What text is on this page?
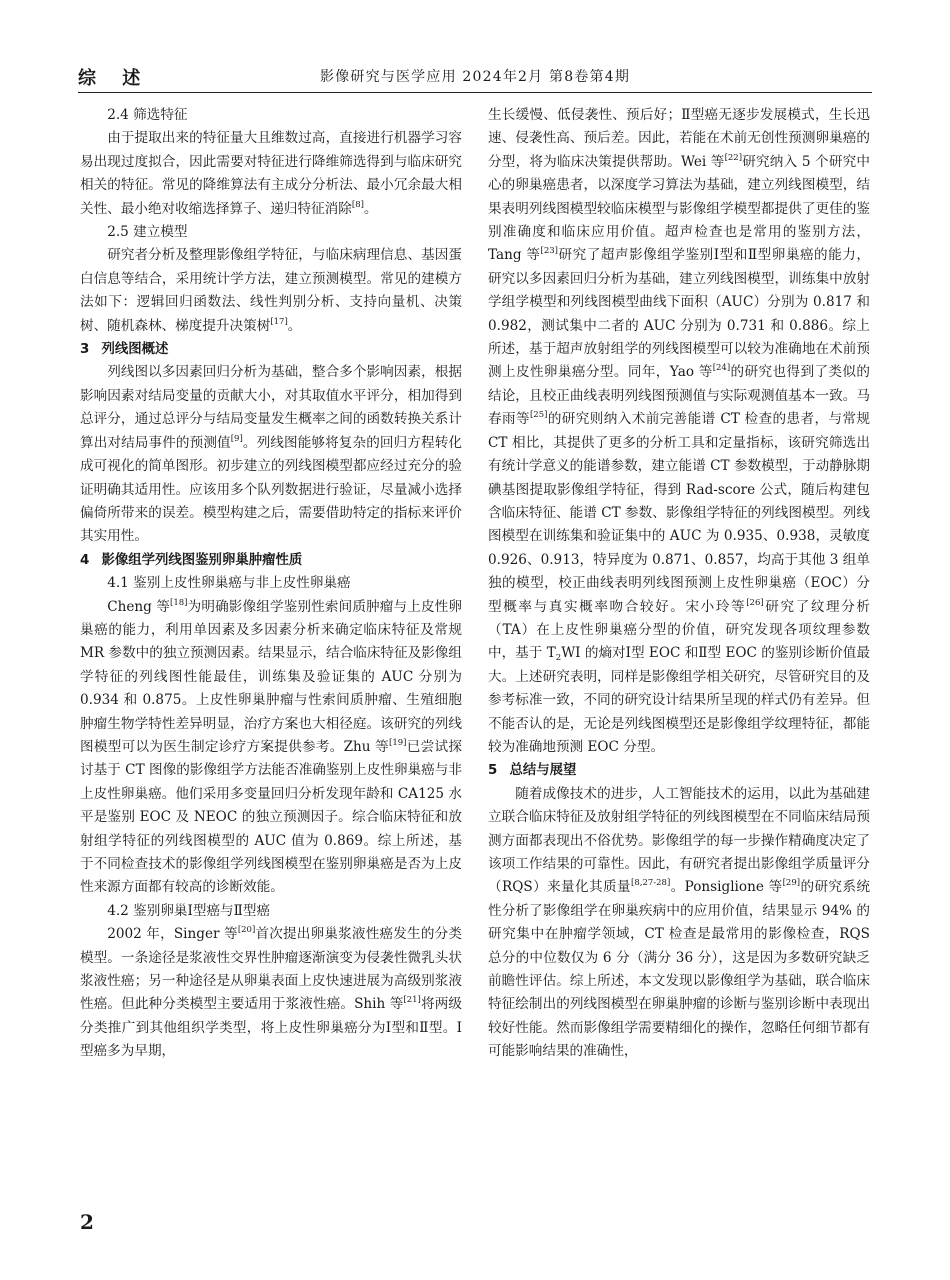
综 述	影像研究与医学应用 2024年2月 第8卷第4期
2.4 筛选特征

由于提取出来的特征量大且维数过高，直接进行机器学习容易出现过度拟合，因此需要对特征进行降维筛选得到与临床研究相关的特征。常见的降维算法有主成分分析法、最小冗余最大相关性、最小绝对收缩选择算子、递归特征消除[8]。

2.5 建立模型

研究者分析及整理影像组学特征，与临床病理信息、基因蛋白信息等结合，采用统计学方法，建立预测模型。常见的建模方法如下：逻辑回归函数法、线性判别分析、支持向量机、决策树、随机森林、梯度提升决策树[17]。

3 列线图概述

列线图以多因素回归分析为基础，整合多个影响因素，根据影响因素对结局变量的贡献大小，对其取值水平评分，相加得到总评分，通过总评分与结局变量发生概率之间的函数转换关系计算出对结局事件的预测值[9]。列线图能够将复杂的回归方程转化成可视化的简单图形。初步建立的列线图模型都应经过充分的验证明确其适用性。应该用多个队列数据进行验证，尽量减小选择偏倚所带来的误差。模型构建之后，需要借助特定的指标来评价其实用性。

4 影像组学列线图鉴别卵巢肿瘤性质
4.1 鉴别上皮性卵巢癌与非上皮性卵巢癌

Cheng 等[18]为明确影像组学鉴别性索间质肿瘤与上皮性卵巢癌的能力，利用单因素及多因素分析来确定临床特征及常规 MR 参数中的独立预测因素。结果显示，结合临床特征及影像组学特征的列线图性能最佳，训练集及验证集的 AUC 分别为 0.934 和 0.875。上皮性卵巢肿瘤与性索间质肿瘤、生殖细胞肿瘤生物学特性差异明显，治疗方案也大相径庭。该研究的列线图模型可以为医生制定诊疗方案提供参考。Zhu 等[19]已尝试探讨基于 CT 图像的影像组学方法能否准确鉴别上皮性卵巢癌与非上皮性卵巢癌。他们采用多变量回归分析发现年龄和 CA125 水平是鉴别 EOC 及 NEOC 的独立预测因子。综合临床特征和放射组学特征的列线图模型的 AUC 值为 0.869。综上所述，基于不同检查技术的影像组学列线图模型在鉴别卵巢癌是否为上皮性来源方面都有较高的诊断效能。

4.2 鉴别卵巢Ⅰ型癌与Ⅱ型癌

2002 年，Singer 等[20]首次提出卵巢浆液性癌发生的分类模型。一条途径是浆液性交界性肿瘤逐渐演变为侵袭性微乳头状浆液性癌；另一种途径是从卵巢表面上皮快速进展为高级别浆液性癌。但此种分类模型主要适用于浆液性癌。Shih 等[21]将两级分类推广到其他组织学类型，将上皮性卵巢癌分为Ⅰ型和Ⅱ型。Ⅰ型癌多为早期，

生长缓慢、低侵袭性、预后好；Ⅱ型癌无逐步发展模式，生长迅速、侵袭性高、预后差。因此，若能在术前无创性预测卵巢癌的分型，将为临床决策提供帮助。Wei 等[22]研究纳入 5 个研究中心的卵巢癌患者，以深度学习算法为基础，建立列线图模型，结果表明列线图模型较临床模型与影像组学模型都提供了更佳的鉴别准确度和临床应用价值。超声检查也是常用的鉴别方法，Tang 等[23]研究了超声影像组学鉴别Ⅰ型和Ⅱ型卵巢癌的能力，研究以多因素回归分析为基础，建立列线图模型，训练集中放射学组学模型和列线图模型曲线下面积（AUC）分别为 0.817 和 0.982，测试集中二者的 AUC 分别为 0.731 和 0.886。综上所述，基于超声放射组学的列线图模型可以较为准确地在术前预测上皮性卵巢癌分型。同年，Yao 等[24]的研究也得到了类似的结论，且校正曲线表明列线图预测值与实际观测值基本一致。马春雨等[25]的研究则纳入术前完善能谱 CT 检查的患者，与常规 CT 相比，其提供了更多的分析工具和定量指标，该研究筛选出有统计学意义的能谱参数，建立能谱 CT 参数模型，于动静脉期碘基图提取影像组学特征，得到 Rad-score 公式，随后构建包含临床特征、能谱 CT 参数、影像组学特征的列线图模型。列线图模型在训练集和验证集中的 AUC 为 0.935、0.938，灵敏度 0.926、0.913，特异度为 0.871、0.857，均高于其他 3 组单独的模型，校正曲线表明列线图预测上皮性卵巢癌（EOC）分型概率与真实概率吻合较好。宋小玲等[26]研究了纹理分析（TA）在上皮性卵巢癌分型的价值，研究发现各项纹理参数中，基于 $T_2WI$ 的熵对Ⅰ型 EOC 和Ⅱ型 EOC 的鉴别诊断价值最大。上述研究表明，同样是影像组学相关研究，尽管研究目的及参考标准一致，不同的研究设计结果所呈现的样式仍有差异。但不能否认的是，无论是列线图模型还是影像组学纹理特征，都能较为准确地预测 EOC 分型。

5 总结与展望

随着成像技术的进步，人工智能技术的运用，以此为基础建立联合临床特征及放射组学特征的列线图模型在不同临床结局预测方面都表现出不俗优势。影像组学的每一步操作精确度决定了该项工作结果的可靠性。因此，有研究者提出影像组学质量评分（RQS）来量化其质量[8,27-28]。Ponsiglione 等[29]的研究系统性分析了影像组学在卵巢疾病中的应用价值，结果显示 94% 的研究集中在肿瘤学领域，CT 检查是最常用的影像检查，RQS 总分的中位数仅为 6 分（满分 36 分），这是因为多数研究缺乏前瞻性评估。综上所述，本文发现以影像组学为基础，联合临床特征绘制出的列线图模型在卵巢肿瘤的诊断与鉴别诊断中表现出较好性能。然而影像组学需要精细化的操作，忽略任何细节都有可能影响结果的准确性，

2
